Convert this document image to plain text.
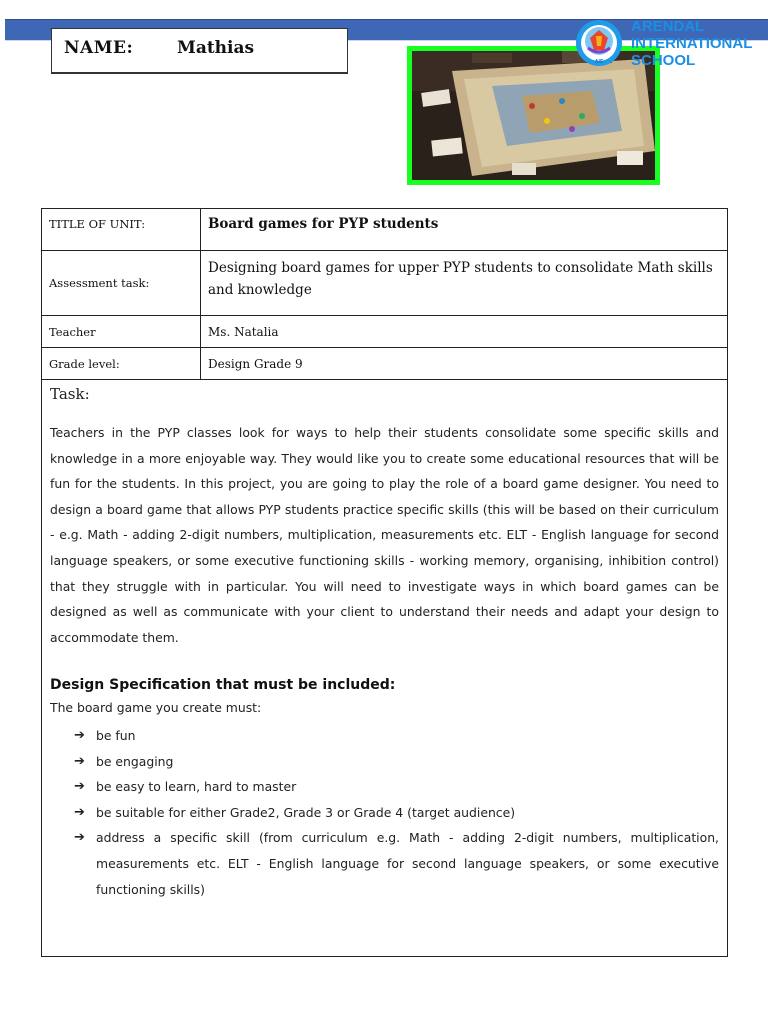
NAME:	Mathias
AIS
ARENDAL
INTERNATIONAL
SCHOOL
TITLE OF UNIT:	Board games for PYP students
Assessment task:
Designing board games for upper PYP students to consolidate Math skills and knowledge
Teacher	Ms. Natalia
Grade level:	Design Grade 9
Task:
Teachers in the PYP classes look for ways to help their students consolidate some specific skills and knowledge in a more enjoyable way. They would like you to create some educational resources that will be fun for the students. In this project, you are going to play the role of a board game designer. You need to design a board game that allows PYP students practice specific skills (this will be based on their curriculum - e.g. Math - adding 2-digit numbers, multiplication, measurements etc. ELT - English language for second language speakers, or some executive functioning skills - working memory, organising, inhibition control) that they struggle with in particular. You will need to investigate ways in which board games can be designed as well as communicate with your client to understand their needs and adapt your design to accommodate them.
Design Specification that must be included:
The board game you create must:
➔ be fun
➔ be engaging
➔ be easy to learn, hard to master
➔ be suitable for either Grade2, Grade 3 or Grade 4 (target audience)
➔ address a specific skill (from curriculum e.g. Math - adding 2-digit numbers, multiplication, measurements etc. ELT - English language for second language speakers, or some executive functioning skills)
